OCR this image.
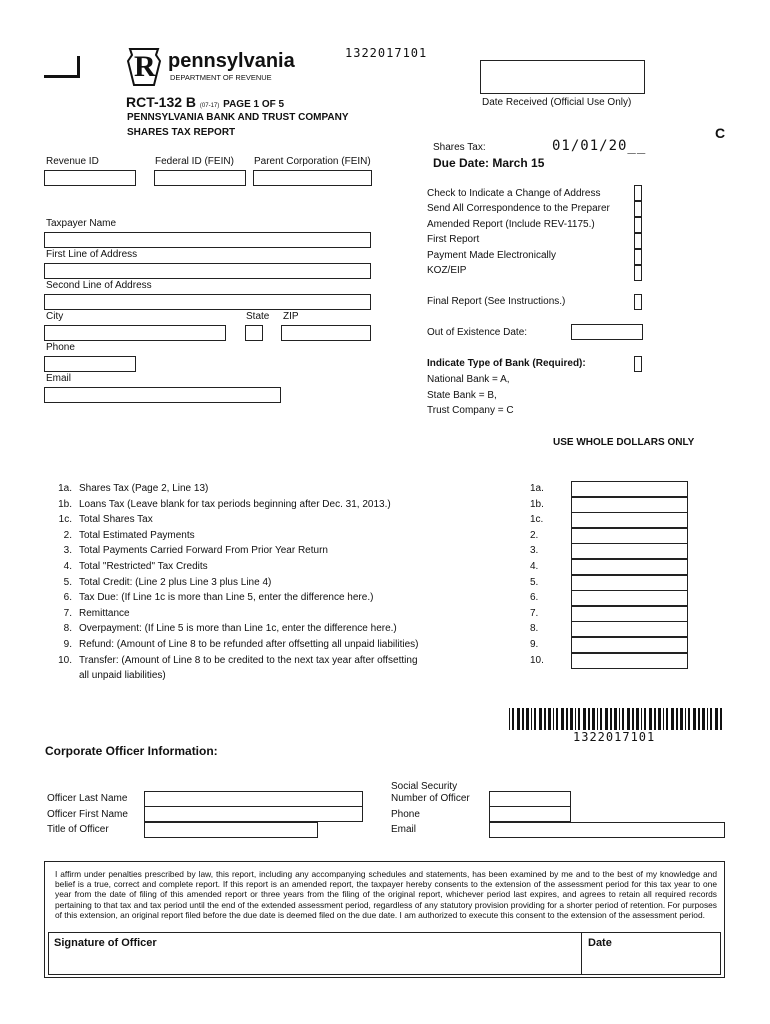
R pennsylvania
DEPARTMENT OF REVENUE
1322017101
RCT-132 B (07-17) PAGE 1 OF 5
PENNSYLVANIA BANK AND TRUST COMPANY
SHARES TAX REPORT
Date Received (Official Use Only)
C
Shares Tax:	01/01/20__
Due Date: March 15
Revenue ID	Federal ID (FEIN) Parent Corporation (FEIN)
Taxpayer Name
First Line of Address
Second Line of Address
City	State ZIP
Phone
Email
Check to Indicate a Change of Address
Send All Correspondence to the Preparer
Amended Report (Include REV-1175.)
First Report
Payment Made Electronically
KOZ/EIP
Final Report (See Instructions.)
Out of Existence Date:
Indicate Type of Bank (Required):
National Bank = A,
State Bank = B,
Trust Company = C
USE WHOLE DOLLARS ONLY
1a. Shares Tax (Page 2, Line 13)	1a.
1b. Loans Tax (Leave blank for tax periods beginning after Dec. 31, 2013.)	1b.
1c. Total Shares Tax	1c.
2. Total Estimated Payments	2.
3. Total Payments Carried Forward From Prior Year Return	3.
4. Total "Restricted" Tax Credits	4.
5. Total Credit: (Line 2 plus Line 3 plus Line 4)	5.
6. Tax Due: (If Line 1c is more than Line 5, enter the difference here.)	6.
7. Remittance	7.
8. Overpayment: (If Line 5 is more than Line 1c, enter the difference here.)	8.
9. Refund: (Amount of Line 8 to be refunded after offsetting all unpaid liabilities)	9.
10. Transfer: (Amount of Line 8 to be credited to the next tax year after offsetting	10.
all unpaid liabilities)
1322017101
Corporate Officer Information:
Officer Last Name
Officer First Name
Title of Officer
Social Security
Number of Officer
Phone
Email
I affirm under penalties prescribed by law, this report, including any accompanying schedules and statements, has been examined by me and to the best of my knowledge and belief is a true, correct and complete report. If this report is an amended report, the taxpayer hereby consents to the extension of the assessment period for this tax year to one year from the date of filing of this amended report or three years from the filing of the original report, whichever period last expires, and agrees to retain all required records pertaining to that tax and tax period until the end of the extended assessment period, regardless of any statutory provision providing for a shorter period of retention. For purposes of this extension, an original report filed before the due date is deemed filed on the due date. I am authorized to execute this consent to the extension of the assessment period.
Signature of Officer	Date
